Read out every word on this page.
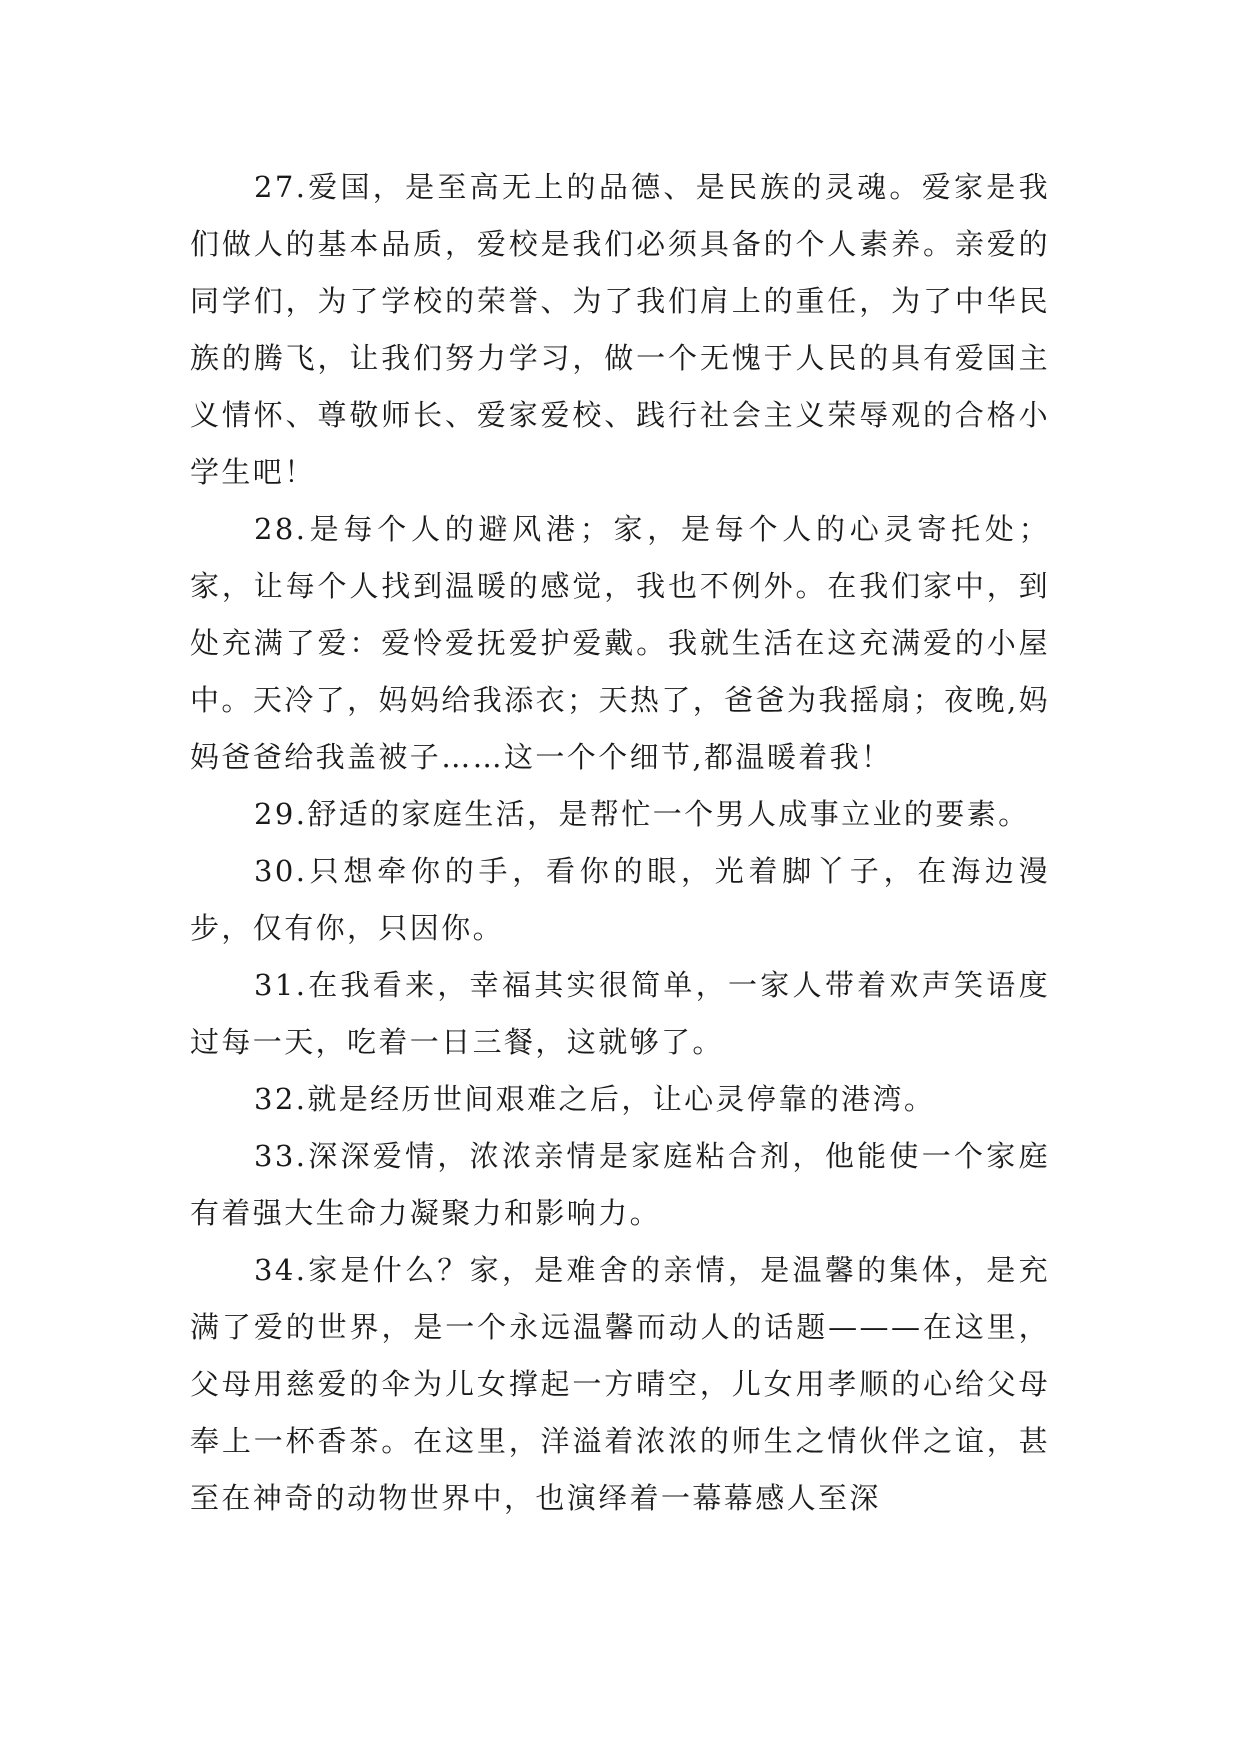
27.爱国，是至高无上的品德、是民族的灵魂。爱家是我们做人的基本品质，爱校是我们必须具备的个人素养。亲爱的同学们，为了学校的荣誉、为了我们肩上的重任，为了中华民族的腾飞，让我们努力学习，做一个无愧于人民的具有爱国主义情怀、尊敬师长、爱家爱校、践行社会主义荣辱观的合格小学生吧！

28.是每个人的避风港；家，是每个人的心灵寄托处；家，让每个人找到温暖的感觉，我也不例外。在我们家中，到处充满了爱：爱怜爱抚爱护爱戴。我就生活在这充满爱的小屋中。天冷了，妈妈给我添衣；天热了，爸爸为我摇扇；夜晚,妈妈爸爸给我盖被子……这一个个细节,都温暖着我！

29.舒适的家庭生活，是帮忙一个男人成事立业的要素。

30.只想牵你的手，看你的眼，光着脚丫子，在海边漫步，仅有你，只因你。

31.在我看来，幸福其实很简单，一家人带着欢声笑语度过每一天，吃着一日三餐，这就够了。

32.就是经历世间艰难之后，让心灵停靠的港湾。

33.深深爱情，浓浓亲情是家庭粘合剂，他能使一个家庭有着强大生命力凝聚力和影响力。

34.家是什么？家，是难舍的亲情，是温馨的集体，是充满了爱的世界，是一个永远温馨而动人的话题———在这里，父母用慈爱的伞为儿女撑起一方晴空，儿女用孝顺的心给父母奉上一杯香茶。在这里，洋溢着浓浓的师生之情伙伴之谊，甚至在神奇的动物世界中，也演绎着一幕幕感人至深
